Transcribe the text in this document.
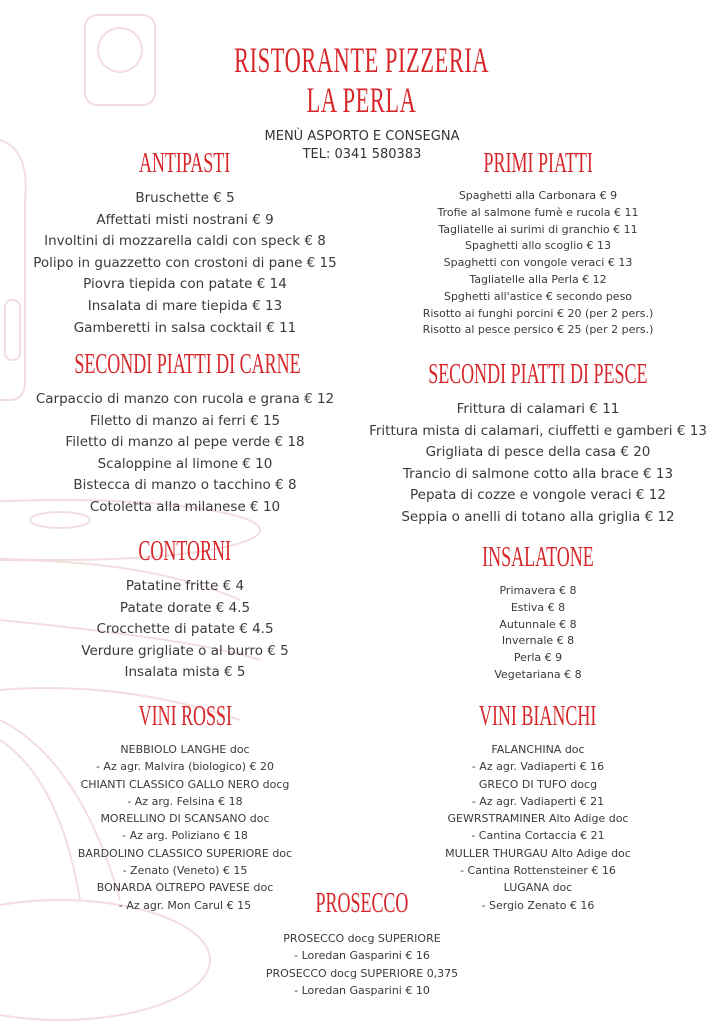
RISTORANTE PIZZERIA
LA PERLA
MENÙ ASPORTO E CONSEGNA
TEL: 0341 580383
ANTIPASTI
Bruschette € 5
Affettati misti nostrani € 9
Involtini di mozzarella caldi con speck € 8
Polipo in guazzetto con crostoni di pane € 15
Piovra tiepida con patate € 14
Insalata di mare tiepida € 13
Gamberetti in salsa cocktail € 11
PRIMI PIATTI
Spaghetti alla Carbonara € 9
Trofie al salmone fumè e rucola € 11
Tagliatelle ai surimi di granchio € 11
Spaghetti allo scoglio € 13
Spaghetti con vongole veraci € 13
Tagliatelle alla Perla € 12
Spghetti all'astice € secondo peso
Risotto ai funghi porcini € 20 (per 2 pers.)
Risotto al pesce persico € 25 (per 2 pers.)
SECONDI PIATTI DI CARNE
Carpaccio di manzo con rucola e grana € 12
Filetto di manzo ai ferri € 15
Filetto di manzo al pepe verde € 18
Scaloppine al limone € 10
Bistecca di manzo o tacchino € 8
Cotoletta alla milanese € 10
SECONDI PIATTI DI PESCE
Frittura di calamari € 11
Frittura mista di calamari, ciuffetti e gamberi € 13
Grigliata di pesce della casa € 20
Trancio di salmone cotto alla brace € 13
Pepata di cozze e vongole veraci € 12
Seppia o anelli di totano alla griglia € 12
CONTORNI
Patatine fritte € 4
Patate dorate € 4.5
Crocchette di patate € 4.5
Verdure grigliate o al burro € 5
Insalata mista € 5
INSALATONE
Primavera € 8
Estiva € 8
Autunnale € 8
Invernale € 8
Perla € 9
Vegetariana € 8
VINI ROSSI
NEBBIOLO LANGHE doc
- Az agr. Malvira (biologico) € 20
CHIANTI CLASSICO GALLO NERO docg
- Az arg. Felsina € 18
MORELLINO DI SCANSANO doc
- Az arg. Poliziano € 18
BARDOLINO CLASSICO SUPERIORE doc
- Zenato (Veneto) € 15
BONARDA OLTREPO PAVESE doc
- Az agr. Mon Carul € 15
VINI BIANCHI
FALANCHINA doc
- Az agr. Vadiaperti € 16
GRECO DI TUFO docg
- Az agr. Vadiaperti € 21
GEWRSTRAMINER Alto Adige doc
- Cantina Cortaccia € 21
MULLER THURGAU Alto Adige doc
- Cantina Rottensteiner € 16
LUGANA doc
- Sergio Zenato € 16
PROSECCO
PROSECCO docg SUPERIORE
- Loredan Gasparini € 16
PROSECCO docg SUPERIORE 0,375
- Loredan Gasparini € 10
